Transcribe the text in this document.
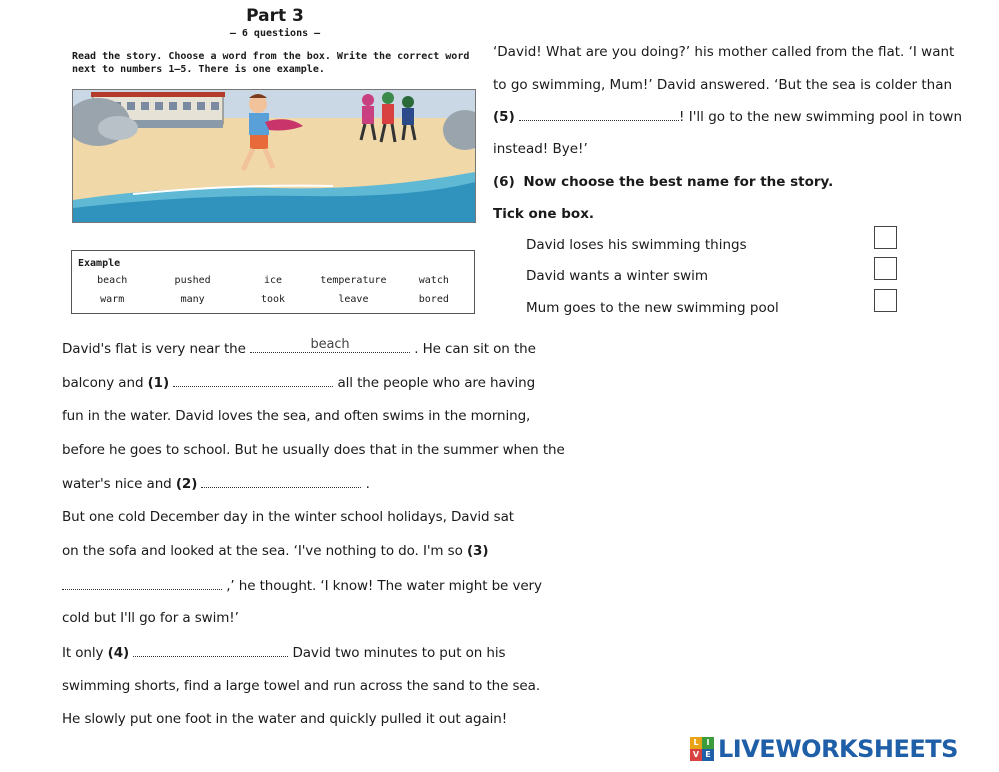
Part 3
– 6 questions –
Read the story. Choose a word from the box. Write the correct word next to numbers 1–5. There is one example.
Example
beach	pushed	ice	temperature	watch
warm	many	took	leave	bored
David's flat is very near the	beach	. He can sit on the
balcony and (1)	all the people who are having
fun in the water. David loves the sea, and often swims in the morning,
before he goes to school. But he usually does that in the summer when the
water's nice and (2)	.
But one cold December day in the winter school holidays, David sat
on the sofa and looked at the sea. ‘I've nothing to do. I'm so (3)
,’ he thought. ‘I know! The water might be very
cold but I'll go for a swim!’
It only (4)	David two minutes to put on his
swimming shorts, find a large towel and run across the sand to the sea.
He slowly put one foot in the water and quickly pulled it out again!
‘David! What are you doing?’ his mother called from the flat. ‘I want
to go swimming, Mum!’ David answered. ‘But the sea is colder than
(5)	! I'll go to the new swimming pool in town
instead! Bye!’
(6) Now choose the best name for the story.
Tick one box.
David loses his swimming things
David wants a winter swim
Mum goes to the new swimming pool
L I
V E LIVEWORKSHEETS
